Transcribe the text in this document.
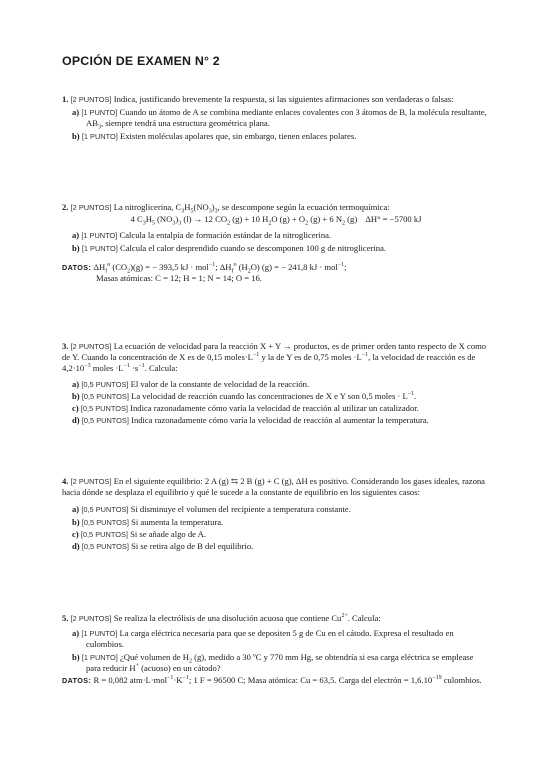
OPCIÓN DE EXAMEN N° 2
1. [2 PUNTOS] Indica, justificando brevemente la respuesta, si las siguientes afirmaciones son verdaderas o falsas:
a) [1 PUNTO] Cuando un átomo de A se combina mediante enlaces covalentes con 3 átomos de B, la molécula resultante, $AB_3$, siempre tendrá una estructura geométrica plana.
b) [1 PUNTO] Existen moléculas apolares que, sin embargo, tienen enlaces polares.
2. [2 PUNTOS] La nitroglicerina, $C_3H_5(NO_3)_3$, se descompone según la ecuación termoquímica:
4 $C_3H_5$ $(NO_3)_3$ (l) → 12 $CO_2$ (g) + 10 $H_2O$ $(g) + O_2$ (g) + 6 $N_2$ (g) ΔH° = −5700 kJ
a) [1 PUNTO] Calcula la entalpía de formación estándar de la nitroglicerina.
b) [1 PUNTO] Calcula el calor desprendido cuando se descomponen 100 g de nitroglicerina.
DATOS: $\Delta H_f^o$ $(CO_2)(g)$ = − 393,5 kJ · mol$^{-1}$; $\Delta H_f^o$ $(H_2O) (g)$ = − 241,8 kJ · mol$^{-1}$;
Masas atómicas: C = 12; H = 1; N = 14; O = 16.
3. [2 PUNTOS] La ecuación de velocidad para la reacción X + Y → productos, es de primer orden tanto respecto de X como de Y. Cuando la concentración de X es de 0,15 $moles\cdot L^{-1}$ y la de Y es de 0,75 moles $\cdot L^{-1}$, la velocidad de reacción es de $4,2\cdot 10^{-3}$ moles $\cdot L^{-1} \cdot s^{-1}$. Calcula:
a) [0,5 PUNTOS] El valor de la constante de velocidad de la reacción.
b) [0,5 PUNTOS] La velocidad de reacción cuando las concentraciones de X e Y son 0,5 moles · $L^{-1}$.
c) [0,5 PUNTOS] Indica razonadamente cómo varía la velocidad de reacción al utilizar un catalizador.
d) [0,5 PUNTOS] Indica razonadamente cómo varía la velocidad de reacción al aumentar la temperatura.
4. [2 PUNTOS] En el siguiente equilibrio: 2 A (g) ⇆ 2 B (g) + C (g), ΔH es positivo. Considerando los gases ideales, razona hacia dónde se desplaza el equilibrio y qué le sucede a la constante de equilibrio en los siguientes casos:
a) [0,5 PUNTOS] Si disminuye el volumen del recipiente a temperatura constante.
b) [0,5 PUNTOS] Si aumenta la temperatura.
c) [0,5 PUNTOS] Si se añade algo de A.
d) [0,5 PUNTOS] Si se retira algo de B del equilibrio.
5. [2 PUNTOS] Se realiza la electrólisis de una disolución acuosa que contiene $Cu^{2+}$. Calcula:
a) [1 PUNTO] La carga eléctrica necesaria para que se depositen 5 g de Cu en el cátodo. Expresa el resultado en culombios.
b) [1 PUNTO] ¿Qué volumen de $H_2$ (g), medido a 30 ºC y 770 mm Hg, se obtendría si esa carga eléctrica se emplease para reducir H+ (acuoso) en un cátodo?
DATOS: R = 0,082 $atm\cdot L\cdot mol^{-1}\cdot K^{-1}$; 1 F = 96500 C; Masa atómica: Cu = 63,5. Carga del electrón = $1,6.10^{-19}$ culombios.
